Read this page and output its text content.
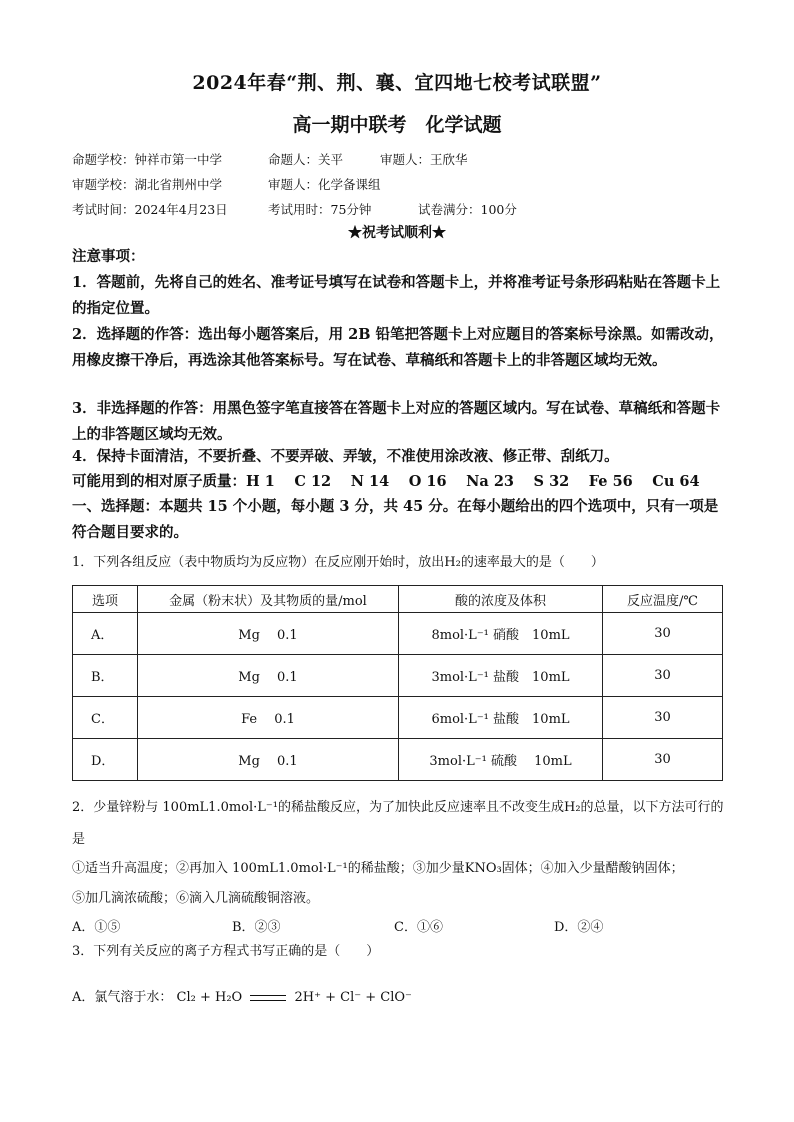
2024年春“荆、荆、襄、宜四地七校考试联盟”
高一期中联考　化学试题
命题学校：钟祥市第一中学	命题人：关平	审题人：王欣华
审题学校：湖北省荆州中学	审题人：化学备课组
考试时间：2024年4月23日	考试用时：75分钟	试卷满分：100分
★祝考试顺利★
注意事项：
1．答题前，先将自己的姓名、准考证号填写在试卷和答题卡上，并将准考证号条形码粘贴在答题卡上的指定位置。
2．选择题的作答：选出每小题答案后，用 2B 铅笔把答题卡上对应题目的答案标号涂黑。如需改动，用橡皮擦干净后，再选涂其他答案标号。写在试卷、草稿纸和答题卡上的非答题区域均无效。
3．非选择题的作答：用黑色签字笔直接答在答题卡上对应的答题区域内。写在试卷、草稿纸和答题卡上的非答题区域均无效。
4．保持卡面清洁，不要折叠、不要弄破、弄皱，不准使用涂改液、修正带、刮纸刀。
可能用到的相对原子质量：H 1　 C 12　 N 14　 O 16　 Na 23　 S 32　 Fe 56　 Cu 64
一、选择题：本题共 15 个小题，每小题 3 分，共 45 分。在每小题给出的四个选项中，只有一项是符合题目要求的。
1．下列各组反应（表中物质均为反应物）在反应刚开始时，放出H₂的速率最大的是（　　）
选项	金属（粉末状）及其物质的量/mol	酸的浓度及体积	反应温度/℃
A．	Mg　 0.1	8mol·L⁻¹ 硝酸　10mL	30
B．	Mg　 0.1	3mol·L⁻¹ 盐酸　10mL	30
C．	Fe　 0.1	6mol·L⁻¹ 盐酸　10mL	30
D．	Mg　 0.1	3mol·L⁻¹ 硫酸　 10mL	30
2．少量锌粉与 100mL1.0mol·L⁻¹的稀盐酸反应，为了加快此反应速率且不改变生成H₂的总量，以下方法可行的是
①适当升高温度；②再加入 100mL1.0mol·L⁻¹的稀盐酸；③加少量KNO₃固体；④加入少量醋酸钠固体；
⑤加几滴浓硫酸；⑥滴入几滴硫酸铜溶液。
A．①⑤	B．②③	C．①⑥	D．②④
3．下列有关反应的离子方程式书写正确的是（　　）
A．氯气溶于水： Cl₂ + H₂O	2H⁺ + Cl⁻ + ClO⁻
